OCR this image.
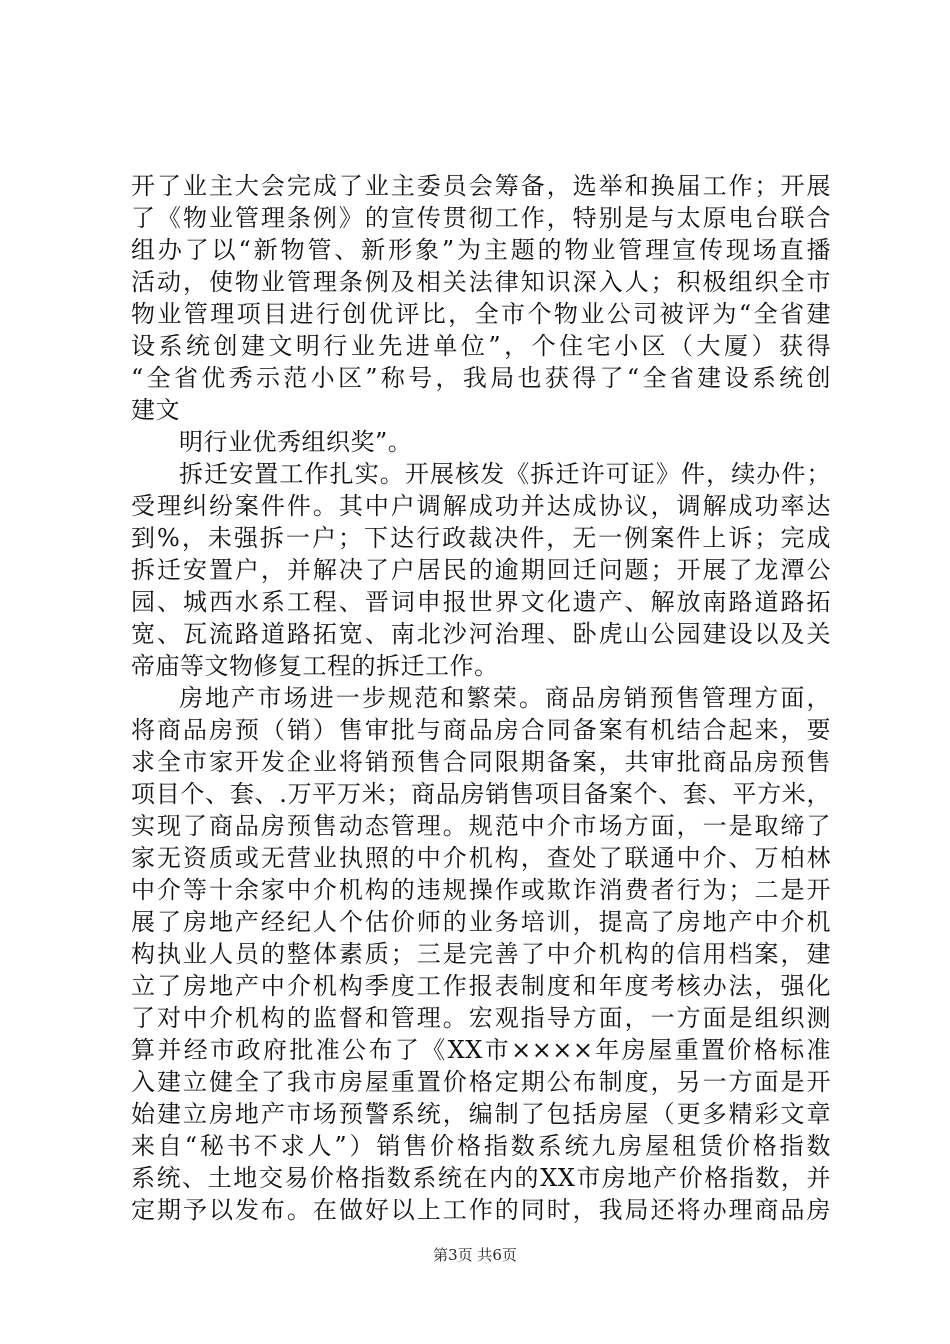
开了业主大会完成了业主委员会筹备，选举和换届工作；开展
了《物业管理条例》的宣传贯彻工作，特别是与太原电台联合
组办了以“新物管、新形象”为主题的物业管理宣传现场直播
活动，使物业管理条例及相关法律知识深入人；积极组织全市
物业管理项目进行创优评比，全市个物业公司被评为“全省建
设系统创建文明行业先进单位”，个住宅小区（大厦）获得
“全省优秀示范小区”称号，我局也获得了“全省建设系统创
建文
明行业优秀组织奖”。
拆迁安置工作扎实。开展核发《拆迁许可证》件，续办件；
受理纠纷案件件。其中户调解成功并达成协议，调解成功率达
到%，未强拆一户；下达行政裁决件，无一例案件上诉；完成
拆迁安置户，并解决了户居民的逾期回迁问题；开展了龙潭公
园、城西水系工程、晋词申报世界文化遗产、解放南路道路拓
宽、瓦流路道路拓宽、南北沙河治理、卧虎山公园建设以及关
帝庙等文物修复工程的拆迁工作。
房地产市场进一步规范和繁荣。商品房销预售管理方面，
将商品房预（销）售审批与商品房合同备案有机结合起来，要
求全市家开发企业将销预售合同限期备案，共审批商品房预售
项目个、套、.万平万米；商品房销售项目备案个、套、平方米，
实现了商品房预售动态管理。规范中介市场方面，一是取缔了
家无资质或无营业执照的中介机构，查处了联通中介、万柏林
中介等十余家中介机构的违规操作或欺诈消费者行为；二是开
展了房地产经纪人个估价师的业务培训，提高了房地产中介机
构执业人员的整体素质；三是完善了中介机构的信用档案，建
立了房地产中介机构季度工作报表制度和年度考核办法，强化
了对中介机构的监督和管理。宏观指导方面，一方面是组织测
算并经市政府批准公布了《XX市××××年房屋重置价格标准
入建立健全了我市房屋重置价格定期公布制度，另一方面是开
始建立房地产市场预警系统，编制了包括房屋（更多精彩文章
来自“秘书不求人”）销售价格指数系统九房屋租赁价格指数
系统、土地交易价格指数系统在内的XX市房地产价格指数，并
定期予以发布。在做好以上工作的同时，我局还将办理商品房
第3页 共6页
